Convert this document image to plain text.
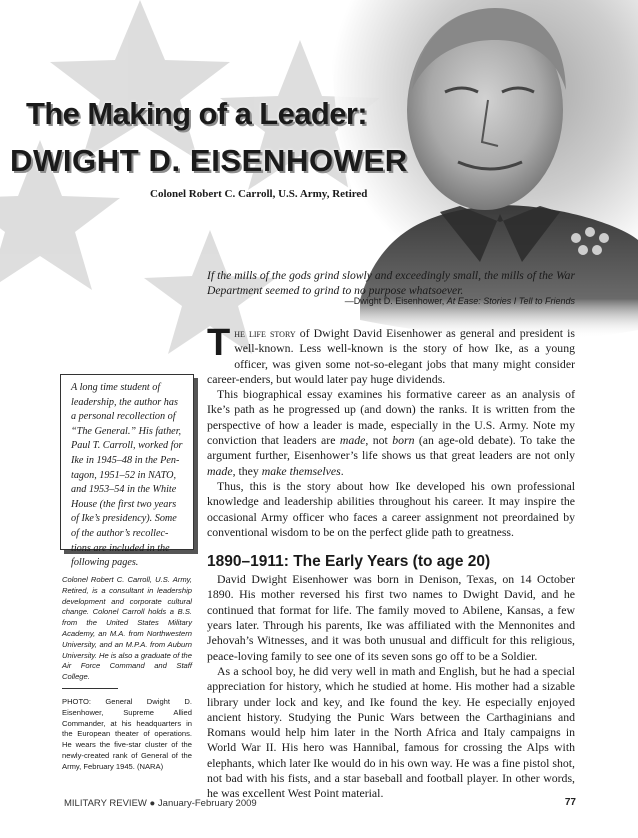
The Making of a Leader:
DWIGHT D. EISENHOWER
Colonel Robert C. Carroll, U.S. Army, Retired
If the mills of the gods grind slowly and exceedingly small, the mills of the War Department seemed to grind to no purpose whatsoever.
—Dwight D. Eisenhower, At Ease: Stories I Tell to Friends
A long time student of
leadership, the author has
a personal recollection of
“The General.” His father,
Paul T. Carroll, worked for
Ike in 1945–48 in the Pen-
tagon, 1951–52 in NATO,
and 1953–54 in the White
House (the first two years
of Ike’s presidency). Some
of the author’s recollec-
tions are included in the
following pages.
Colonel Robert C. Carroll, U.S. Army, Retired, is a consultant in leadership development and corporate cultural change. Colonel Carroll holds a B.S. from the United States Military Academy, an M.A. from Northwestern University, and an M.P.A. from Auburn University. He is also a graduate of the Air Force Command and Staff College.
PHOTO: General Dwight D. Eisenhower, Supreme Allied Commander, at his headquarters in the European theater of operations. He wears the five-star cluster of the newly-created rank of General of the Army, February 1945. (NARA)

The life story of Dwight David Eisenhower as general and president is well-known. Less well-known is the story of how Ike, as a young officer, was given some not-so-elegant jobs that many might consider career-enders, but would later pay huge dividends.

This biographical essay examines his formative career as an analysis of Ike’s path as he progressed up (and down) the ranks. It is written from the perspective of how a leader is made, especially in the U.S. Army. Note my conviction that leaders are made, not born (an age-old debate). To take the argument further, Eisenhower’s life shows us that great leaders are not only made, they make themselves.

Thus, this is the story about how Ike developed his own professional knowledge and leadership abilities throughout his career. It may inspire the occasional Army officer who faces a career assignment not preordained by conventional wisdom to be on the perfect glide path to greatness.

1890–1911: The Early Years (to age 20)

David Dwight Eisenhower was born in Denison, Texas, on 14 October 1890. His mother reversed his first two names to Dwight David, and he continued that format for life. The family moved to Abilene, Kansas, a few years later. Through his parents, Ike was affiliated with the Mennonites and Jehovah’s Witnesses, and it was both unusual and difficult for this religious, peace-loving family to see one of its seven sons go off to be a Soldier.

As a school boy, he did very well in math and English, but he had a special appreciation for history, which he studied at home. His mother had a sizable library under lock and key, and Ike found the key. He especially enjoyed ancient history. Studying the Punic Wars between the Carthaginians and Romans would help him later in the North Africa and Italy campaigns in World War II. His hero was Hannibal, famous for crossing the Alps with elephants, which later Ike would do in his own way. He was a fine pistol shot, not bad with his fists, and a star baseball and football player. In other words, he was excellent West Point material.

MILITARY REVIEW ● January-February 2009	77
